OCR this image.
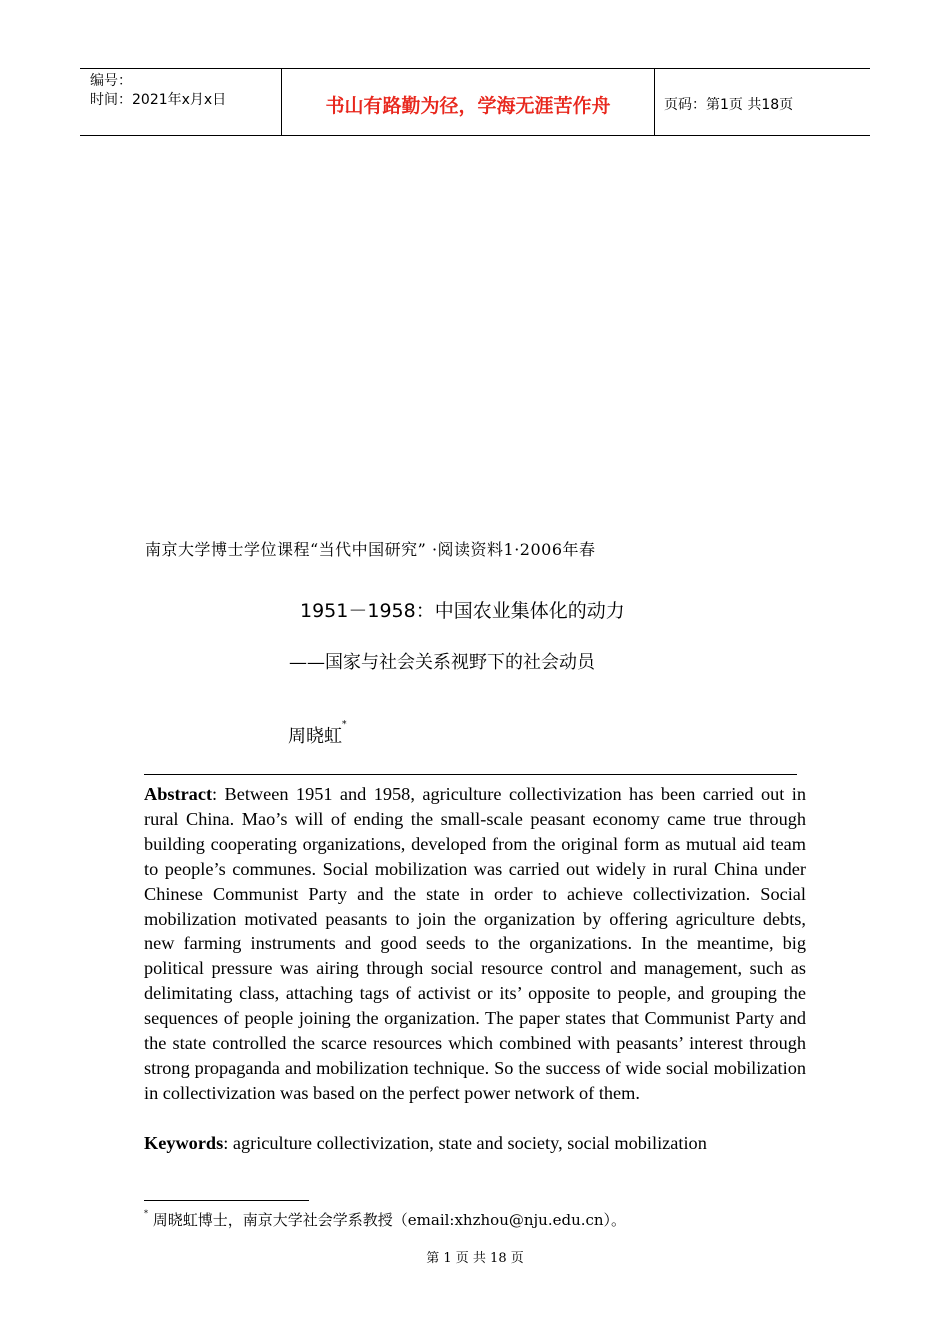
编号：
时间：2021年x月x日	书山有路勤为径，学海无涯苦作舟	页码：第1页 共18页
南京大学博士学位课程“当代中国研究” ·阅读资料1·2006年春
1951－1958：中国农业集体化的动力
——国家与社会关系视野下的社会动员
周晓虹*

Abstract: Between 1951 and 1958, agriculture collectivization has been carried out in rural China. Mao’s will of ending the small-scale peasant economy came true through building cooperating organizations, developed from the original form as mutual aid team to people’s communes. Social mobilization was carried out widely in rural China under Chinese Communist Party and the state in order to achieve collectivization. Social mobilization motivated peasants to join the organization by offering agriculture debts, new farming instruments and good seeds to the organizations. In the meantime, big political pressure was airing through social resource control and management, such as delimitating class, attaching tags of activist or its’ opposite to people, and grouping the sequences of people joining the organization. The paper states that Communist Party and the state controlled the scarce resources which combined with peasants’ interest through strong propaganda and mobilization technique. So the success of wide social mobilization in collectivization was based on the perfect power network of them.

Keywords: agriculture collectivization, state and society, social mobilization

* 周晓虹博士，南京大学社会学系教授（email:xhzhou@nju.edu.cn）。
第 1 页 共 18 页
